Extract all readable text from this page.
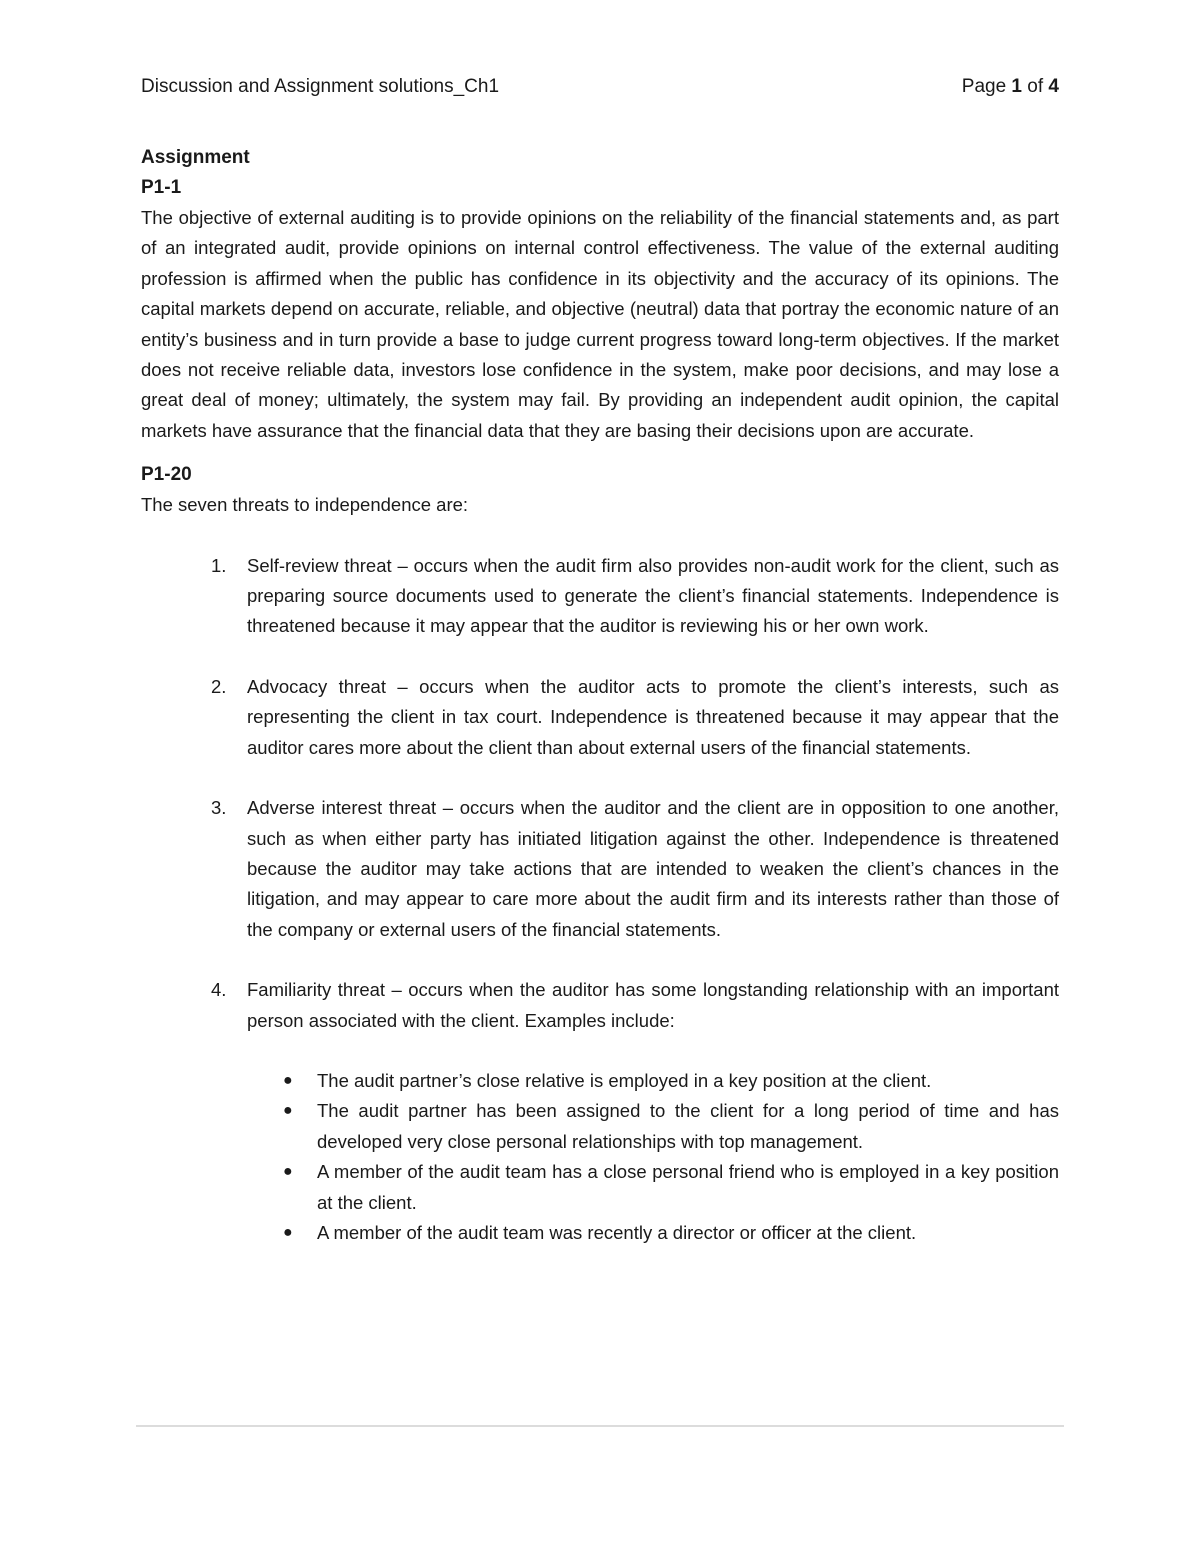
Discussion and Assignment solutions_Ch1	Page 1 of 4

Assignment

P1-1

The objective of external auditing is to provide opinions on the reliability of the financial statements and, as part of an integrated audit, provide opinions on internal control effectiveness. The value of the external auditing profession is affirmed when the public has confidence in its objectivity and the accuracy of its opinions. The capital markets depend on accurate, reliable, and objective (neutral) data that portray the economic nature of an entity’s business and in turn provide a base to judge current progress toward long-term objectives. If the market does not receive reliable data, investors lose confidence in the system, make poor decisions, and may lose a great deal of money; ultimately, the system may fail. By providing an independent audit opinion, the capital markets have assurance that the financial data that they are basing their decisions upon are accurate.

P1-20

The seven threats to independence are:

1. Self-review threat – occurs when the audit firm also provides non-audit work for the client, such as preparing source documents used to generate the client’s financial statements. Independence is threatened because it may appear that the auditor is reviewing his or her own work.

2. Advocacy threat – occurs when the auditor acts to promote the client’s interests, such as representing the client in tax court. Independence is threatened because it may appear that the auditor cares more about the client than about external users of the financial statements.

3. Adverse interest threat – occurs when the auditor and the client are in opposition to one another, such as when either party has initiated litigation against the other. Independence is threatened because the auditor may take actions that are intended to weaken the client’s chances in the litigation, and may appear to care more about the audit firm and its interests rather than those of the company or external users of the financial statements.

4. Familiarity threat – occurs when the auditor has some longstanding relationship with an important person associated with the client. Examples include:

● The audit partner’s close relative is employed in a key position at the client.
● The audit partner has been assigned to the client for a long period of time and has developed very close personal relationships with top management.
● A member of the audit team has a close personal friend who is employed in a key position at the client.
● A member of the audit team was recently a director or officer at the client.
